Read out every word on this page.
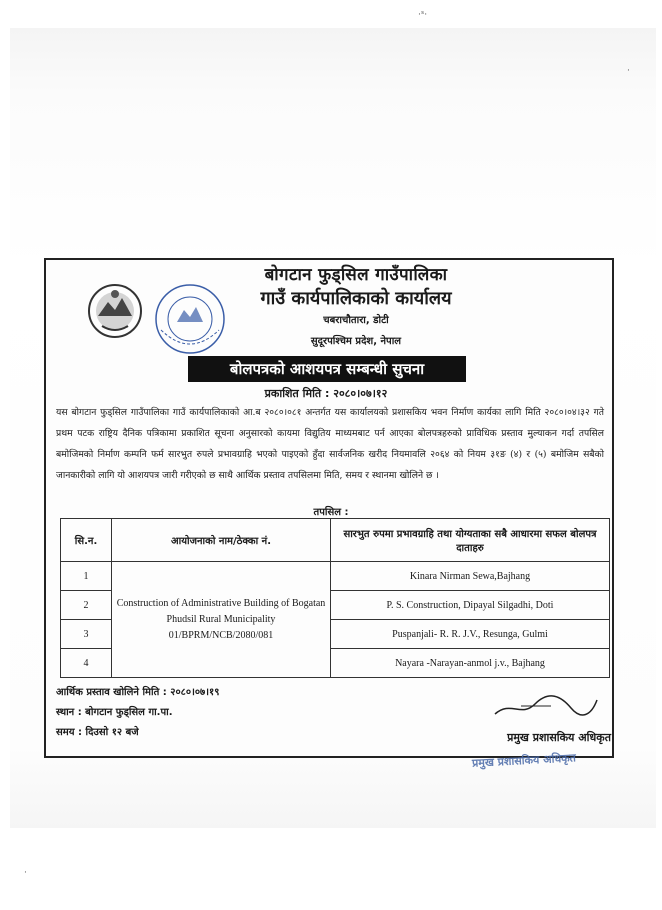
·ˢ·
·
·
बोगटान फुड्सिल गाउँपालिका
गाउँ कार्यपालिकाको कार्यालय
चबराचौतारा, डोटी
सुदूरपश्चिम प्रदेश, नेपाल
बोलपत्रको आशयपत्र सम्बन्धी सुचना
प्रकाशित मिति : २०८०।०७।१२
यस बोगटान फुड्सिल गाउँपालिका गाउँ कार्यपालिकाको आ.ब २०८०।०८१ अन्तर्गत यस कार्यालयको प्रशासकिय भवन निर्माण कार्यका लागि मिति २०८०।०४।३२ गते प्रथम पटक राष्ट्रिय दैनिक पत्रिकामा प्रकाशित सूचना अनुसारको कायमा विद्युतिय माध्यमबाट पर्न आएका बोलपत्रहरुको प्राविधिक प्रस्ताव मुल्याकन गर्दा तपसिल बमोजिमको निर्माण कम्पनि फर्म सारभुत रुपले प्रभावग्राहि भएको पाइएको हुँदा सार्वजनिक खरीद नियमावलि २०६४ को नियम ३१ङ (४) र (५) बमोजिम सबैको जानकारीको लागि यो आशयपत्र जारी गरीएको छ साथै आर्थिक प्रस्ताव तपसिलमा मिति, समय र स्थानमा खोलिने छ ।
तपसिल :
सि.न.	आयोजनाको नाम/ठेक्का नं.	सारभुत रुपमा प्रभावग्राहि तथा योग्यताका सबै आधारमा सफल बोलपत्र दाताहरु
1	Construction of Administrative Building of Bogatan Phudsil Rural Municipality 01/BPRM/NCB/2080/081	Kinara Nirman Sewa,Bajhang
2		P. S. Construction, Dipayal Silgadhi, Doti
3		Puspanjali- R. R. J.V., Resunga, Gulmi
4		Nayara -Narayan-anmol j.v., Bajhang
आर्थिक प्रस्ताव खोलिने मिति : २०८०।०७।१९
स्थान : बोगटान फुड्सिल गा.पा.
समय : दिउसो १२ बजे	प्रमुख प्रशासकिय अधिकृत
प्रमुख प्रशासकिय अधिकृत
